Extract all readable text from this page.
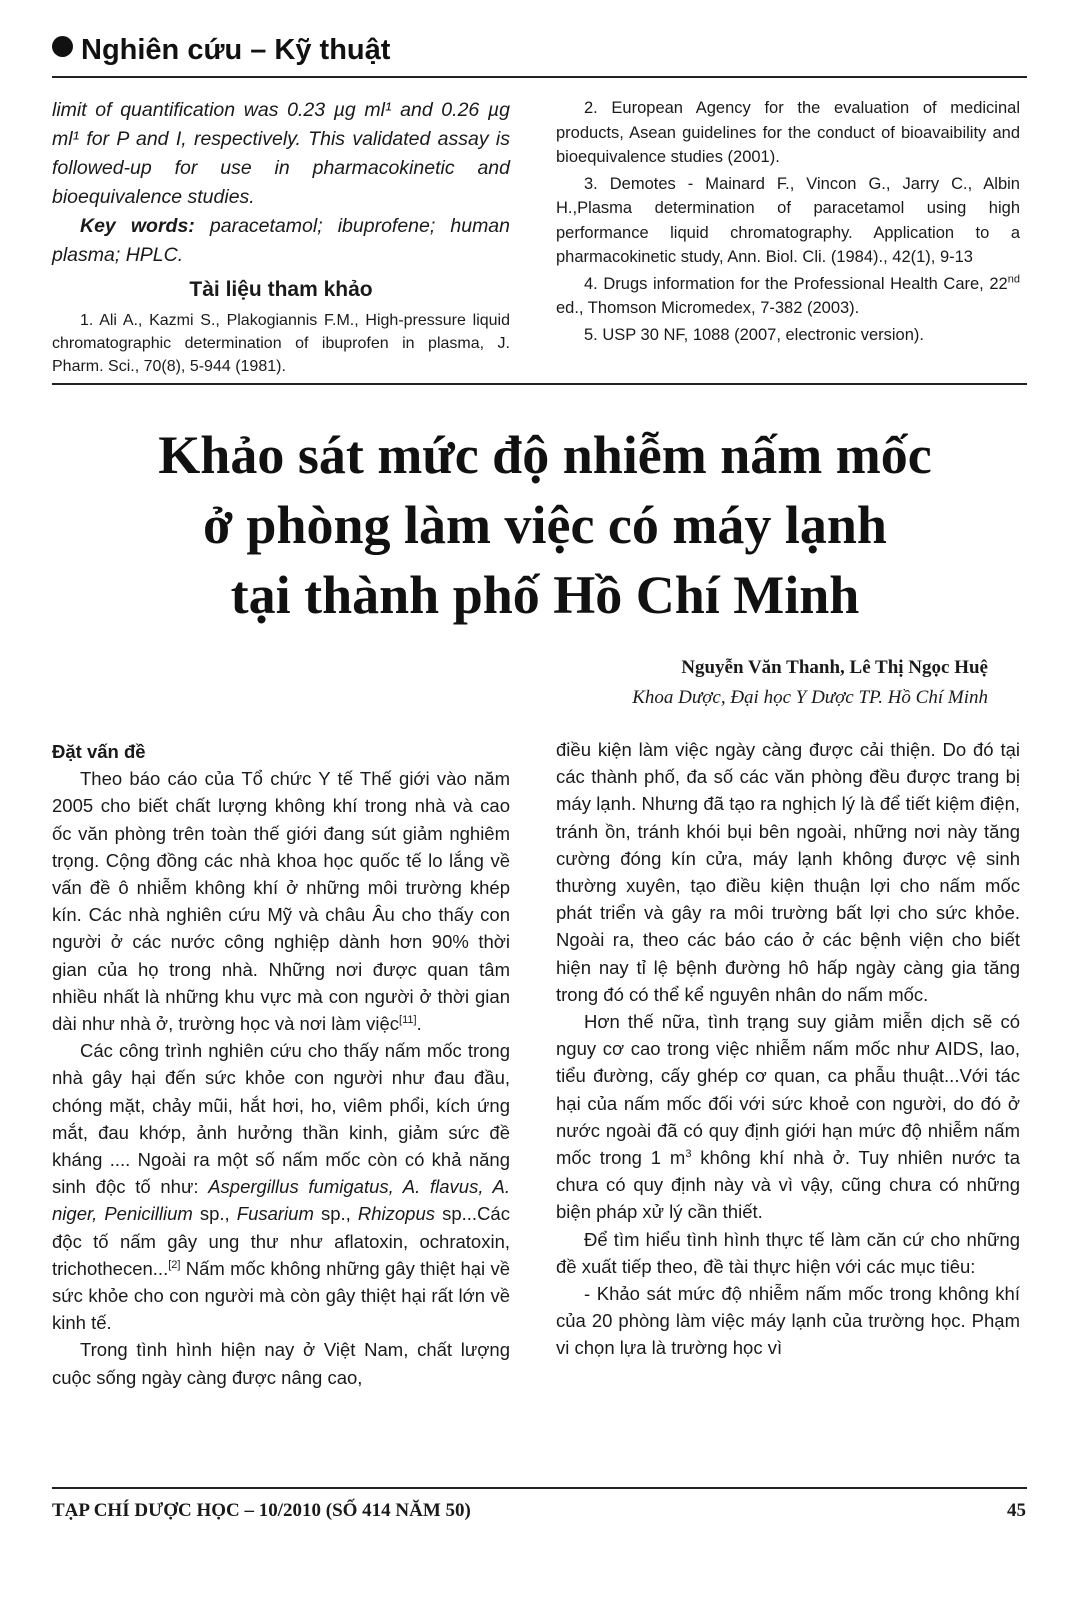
Nghiên cứu – Kỹ thuật

limit of quantification was 0.23 µg ml¹ and 0.26 µg ml¹ for P and I, respectively. This validated assay is followed-up for use in pharmacokinetic and bioequivalence studies.

Key words: paracetamol; ibuprofene; human plasma; HPLC.

Tài liệu tham khảo

1. Ali A., Kazmi S., Plakogiannis F.M., High-pressure liquid chromatographic determination of ibuprofen in plasma, J. Pharm. Sci., 70(8), 5-944 (1981).

2. European Agency for the evaluation of medicinal products, Asean guidelines for the conduct of bioavaibility and bioequivalence studies (2001).

3. Demotes - Mainard F., Vincon G., Jarry C., Albin H.,Plasma determination of paracetamol using high performance liquid chromatography. Application to a pharmacokinetic study, Ann. Biol. Cli. (1984)., 42(1), 9-13

4. Drugs information for the Professional Health Care, 22nd ed., Thomson Micromedex, 7-382 (2003).

5. USP 30 NF, 1088 (2007, electronic version).

Khảo sát mức độ nhiễm nấm mốc
ở phòng làm việc có máy lạnh
tại thành phố Hồ Chí Minh
Nguyễn Văn Thanh, Lê Thị Ngọc Huệ
Khoa Dược, Đại học Y Dược TP. Hồ Chí Minh

Đặt vấn đề

Theo báo cáo của Tổ chức Y tế Thế giới vào năm 2005 cho biết chất lượng không khí trong nhà và cao ốc văn phòng trên toàn thế giới đang sút giảm nghiêm trọng. Cộng đồng các nhà khoa học quốc tế lo lắng về vấn đề ô nhiễm không khí ở những môi trường khép kín. Các nhà nghiên cứu Mỹ và châu Âu cho thấy con người ở các nước công nghiệp dành hơn 90% thời gian của họ trong nhà. Những nơi được quan tâm nhiều nhất là những khu vực mà con người ở thời gian dài như nhà ở, trường học và nơi làm việc[11].

Các công trình nghiên cứu cho thấy nấm mốc trong nhà gây hại đến sức khỏe con người như đau đầu, chóng mặt, chảy mũi, hắt hơi, ho, viêm phổi, kích ứng mắt, đau khớp, ảnh hưởng thần kinh, giảm sức đề kháng .... Ngoài ra một số nấm mốc còn có khả năng sinh độc tố như: Aspergillus fumigatus, A. flavus, A. niger, Penicillium sp., Fusarium sp., Rhizopus sp...Các độc tố nấm gây ung thư như aflatoxin, ochratoxin, trichothecen...[2] Nấm mốc không những gây thiệt hại về sức khỏe cho con người mà còn gây thiệt hại rất lớn về kinh tế.

Trong tình hình hiện nay ở Việt Nam, chất lượng cuộc sống ngày càng được nâng cao,

điều kiện làm việc ngày càng được cải thiện. Do đó tại các thành phố, đa số các văn phòng đều được trang bị máy lạnh. Nhưng đã tạo ra nghịch lý là để tiết kiệm điện, tránh ồn, tránh khói bụi bên ngoài, những nơi này tăng cường đóng kín cửa, máy lạnh không được vệ sinh thường xuyên, tạo điều kiện thuận lợi cho nấm mốc phát triển và gây ra môi trường bất lợi cho sức khỏe. Ngoài ra, theo các báo cáo ở các bệnh viện cho biết hiện nay tỉ lệ bệnh đường hô hấp ngày càng gia tăng trong đó có thể kể nguyên nhân do nấm mốc.

Hơn thế nữa, tình trạng suy giảm miễn dịch sẽ có nguy cơ cao trong việc nhiễm nấm mốc như AIDS, lao, tiểu đường, cấy ghép cơ quan, ca phẫu thuật...Với tác hại của nấm mốc đối với sức khoẻ con người, do đó ở nước ngoài đã có quy định giới hạn mức độ nhiễm nấm mốc trong 1 $m^3$ không khí nhà ở. Tuy nhiên nước ta chưa có quy định này và vì vậy, cũng chưa có những biện pháp xử lý cần thiết.

Để tìm hiểu tình hình thực tế làm căn cứ cho những đề xuất tiếp theo, đề tài thực hiện với các mục tiêu:

- Khảo sát mức độ nhiễm nấm mốc trong không khí của 20 phòng làm việc máy lạnh của trường học. Phạm vi chọn lựa là trường học vì

TẠP CHÍ DƯỢC HỌC – 10/2010 (SỐ 414 NĂM 50)	45
